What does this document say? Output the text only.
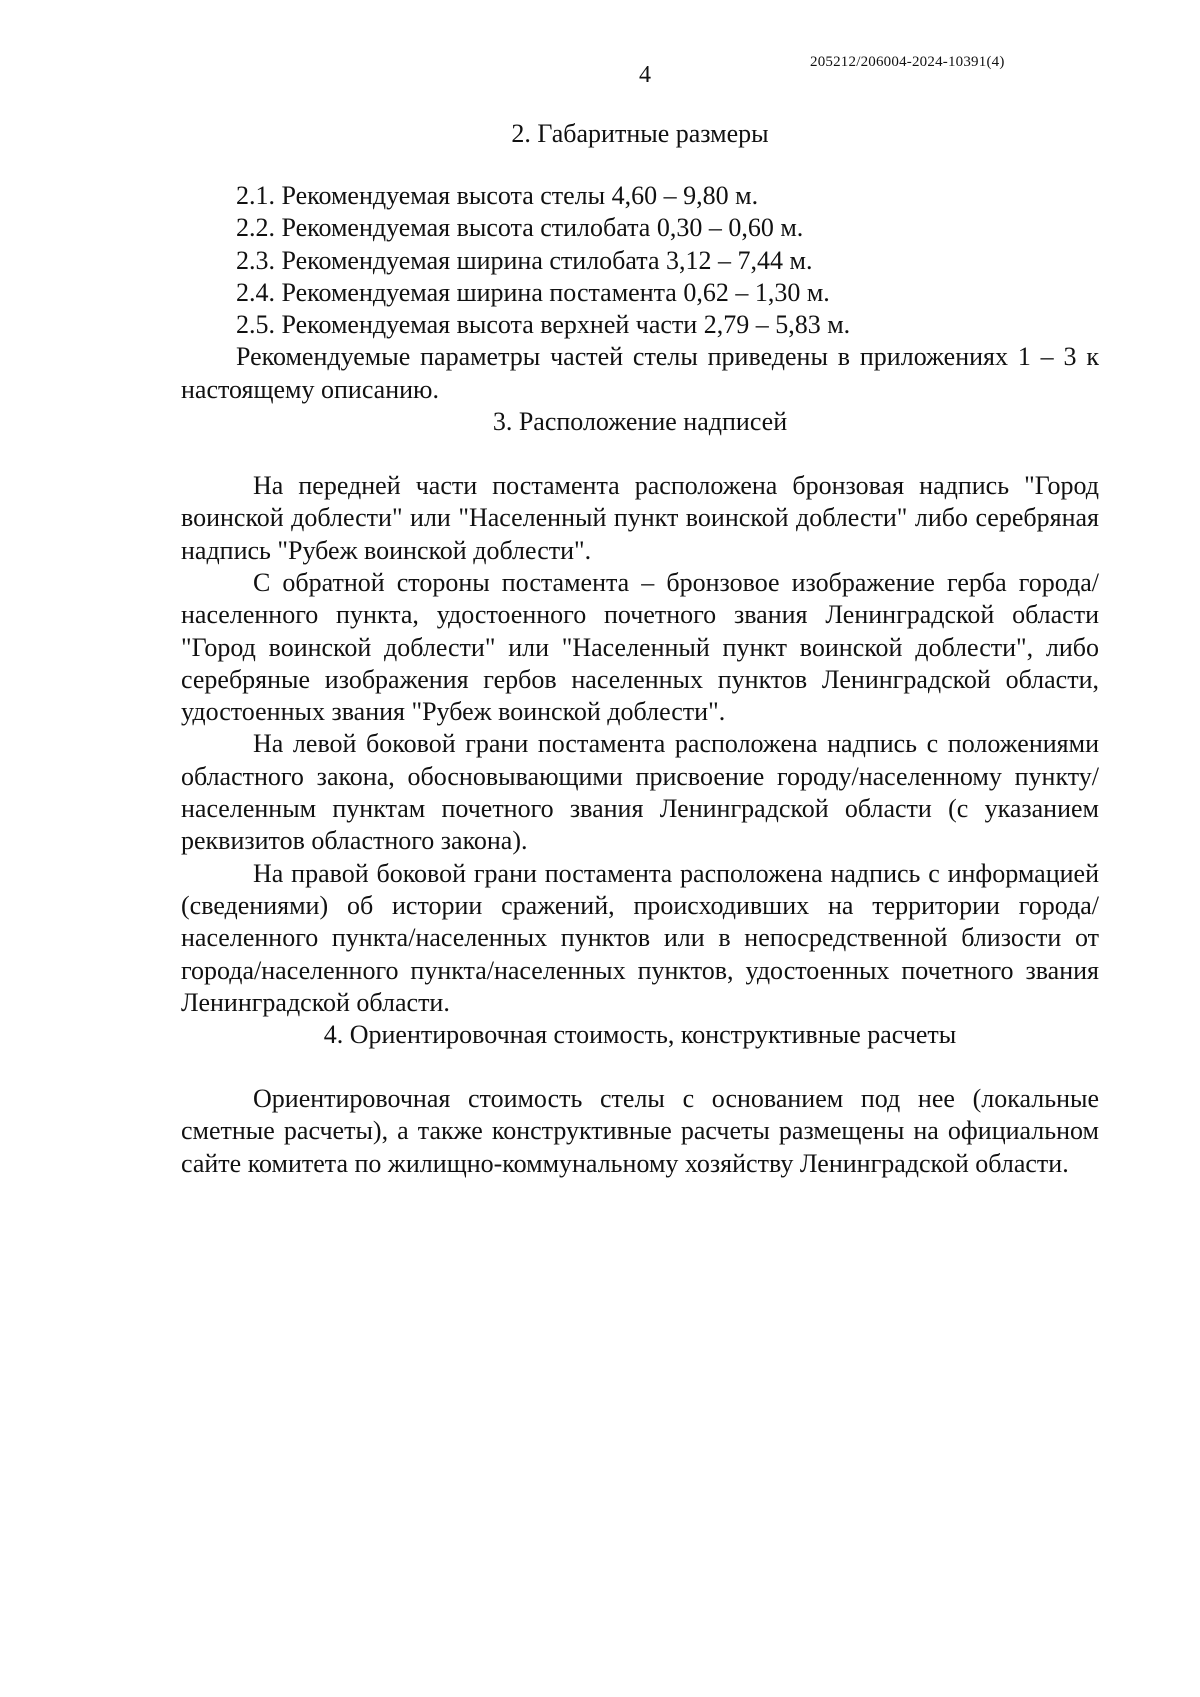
4	205212/206004-2024-10391(4)
2. Габаритные размеры
2.1. Рекомендуемая высота стелы 4,60 – 9,80 м.
2.2. Рекомендуемая высота стилобата 0,30 – 0,60 м.
2.3. Рекомендуемая ширина стилобата 3,12 – 7,44 м.
2.4. Рекомендуемая ширина постамента 0,62 – 1,30 м.
2.5. Рекомендуемая высота верхней части 2,79 – 5,83 м.

Рекомендуемые параметры частей стелы приведены в приложениях 1 – 3 к настоящему описанию.

3. Расположение надписей

На передней части постамента расположена бронзовая надпись "Город воинской доблести" или "Населенный пункт воинской доблести" либо серебряная надпись "Рубеж воинской доблести".

С обратной стороны постамента – бронзовое изображение герба города/населенного пункта, удостоенного почетного звания Ленинградской области "Город воинской доблести" или "Населенный пункт воинской доблести", либо серебряные изображения гербов населенных пунктов Ленинградской области, удостоенных звания "Рубеж воинской доблести".

На левой боковой грани постамента расположена надпись с положениями областного закона, обосновывающими присвоение городу/населенному пункту/населенным пунктам почетного звания Ленинградской области (с указанием реквизитов областного закона).

На правой боковой грани постамента расположена надпись с информацией (сведениями) об истории сражений, происходивших на территории города/населенного пункта/населенных пунктов или в непосредственной близости от города/населенного пункта/населенных пунктов, удостоенных почетного звания Ленинградской области.

4. Ориентировочная стоимость, конструктивные расчеты

Ориентировочная стоимость стелы с основанием под нее (локальные сметные расчеты), а также конструктивные расчеты размещены на официальном сайте комитета по жилищно-коммунальному хозяйству Ленинградской области.
